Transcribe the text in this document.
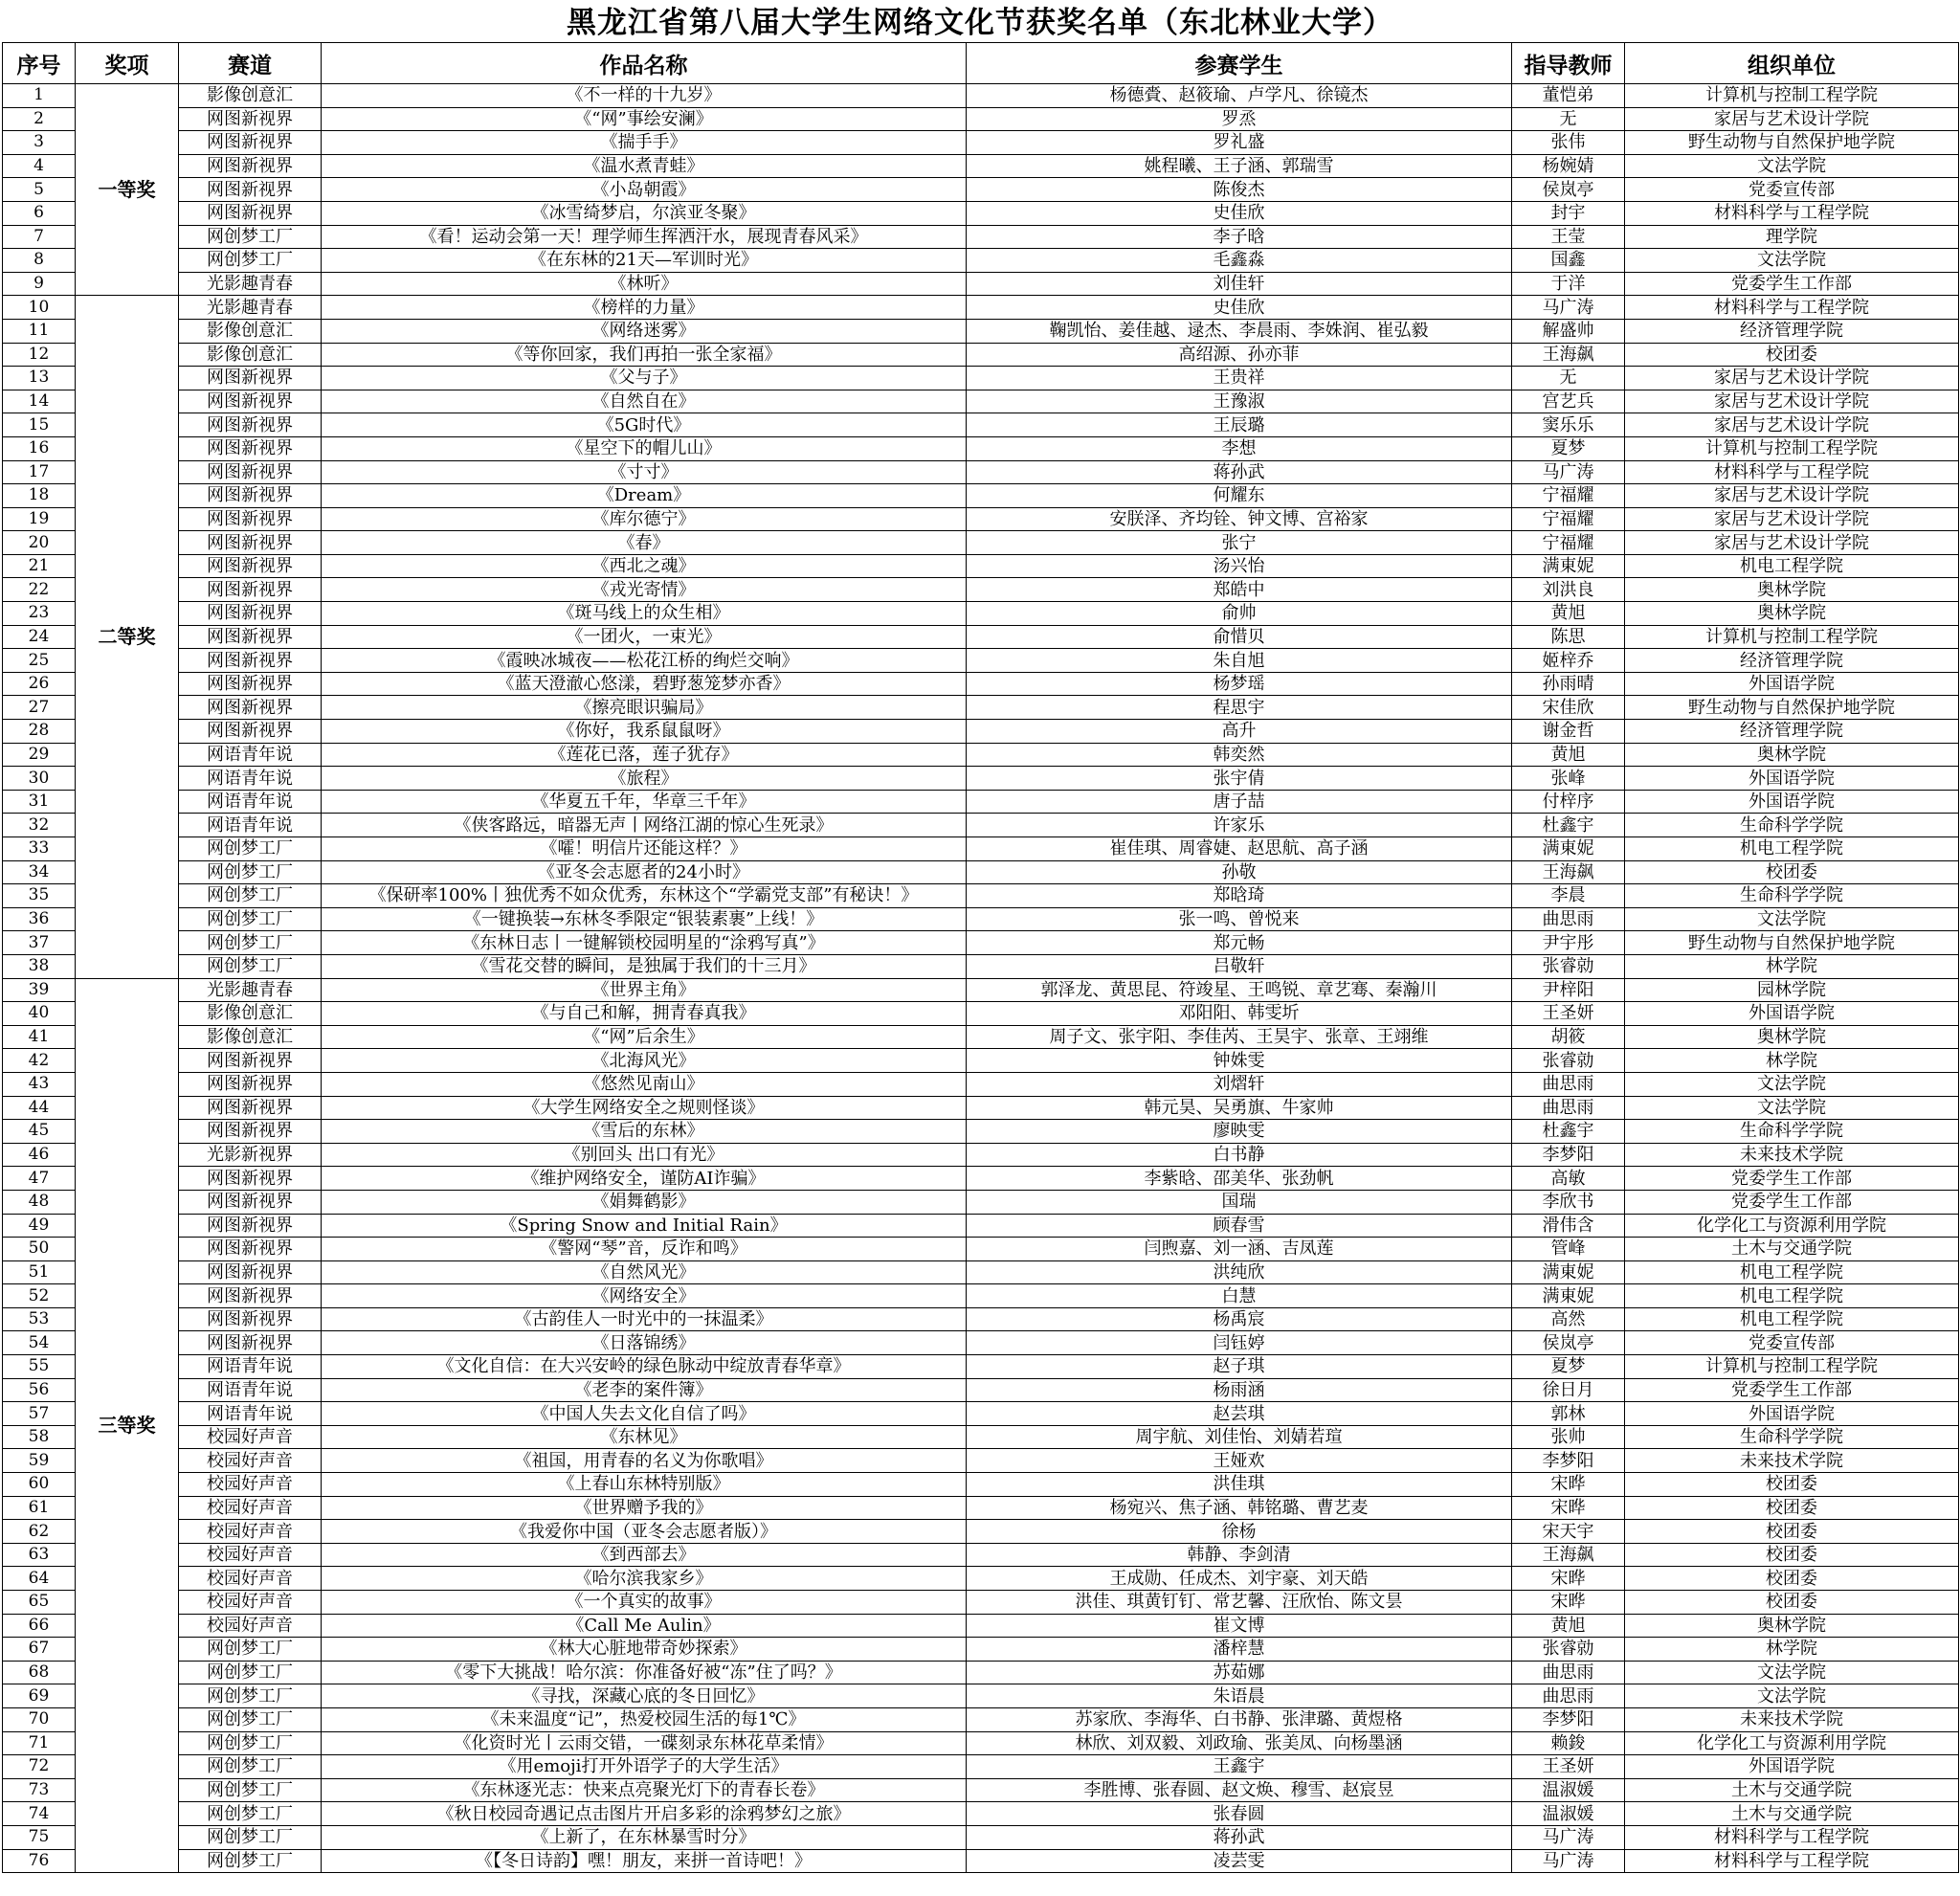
黑龙江省第八届大学生网络文化节获奖名单（东北林业大学）
序号	奖项	赛道	作品名称	参赛学生	指导教师	组织单位
1	一等奖	影像创意汇	《不一样的十九岁》	杨德賫、赵筱瑜、卢学凡、徐镜杰	董恺弟	计算机与控制工程学院
2		网图新视界	《“网”事绘安澜》	罗烝	无	家居与艺术设计学院
3		网图新视界	《揣手手》	罗礼盛	张伟	野生动物与自然保护地学院
4		网图新视界	《温水煮青蛙》	姚程曦、王子涵、郭瑞雪	杨婉婧	文法学院
5		网图新视界	《小岛朝霞》	陈俊杰	侯岚亭	党委宣传部
6		网图新视界	《冰雪绮梦启，尔滨亚冬聚》	史佳欣	封宇	材料科学与工程学院
7		网创梦工厂	《看！运动会第一天！理学师生挥洒汗水，展现青春风采》	李子晗	王莹	理学院
8		网创梦工厂	《在东林的21天—军训时光》	毛鑫淼	国鑫	文法学院
9		光影趣青春	《林听》	刘佳轩	于洋	党委学生工作部
10	二等奖	光影趣青春	《榜样的力量》	史佳欣	马广涛	材料科学与工程学院
11		影像创意汇	《网络迷雾》	鞠凯怡、姜佳越、逯杰、李晨雨、李姝润、崔弘毅	解盛帅	经济管理学院
12		影像创意汇	《等你回家，我们再拍一张全家福》	高绍源、孙亦菲	王海飙	校团委
13		网图新视界	《父与子》	王贵祥	无	家居与艺术设计学院
14		网图新视界	《自然自在》	王豫淑	宫艺兵	家居与艺术设计学院
15		网图新视界	《5G时代》	王辰璐	窦乐乐	家居与艺术设计学院
16		网图新视界	《星空下的帽儿山》	李想	夏梦	计算机与控制工程学院
17		网图新视界	《寸寸》	蒋孙武	马广涛	材料科学与工程学院
18		网图新视界	《Dream》	何耀东	宁福耀	家居与艺术设计学院
19		网图新视界	《库尔德宁》	安朕泽、齐均铨、钟文博、宫裕家	宁福耀	家居与艺术设计学院
20		网图新视界	《春》	张宁	宁福耀	家居与艺术设计学院
21		网图新视界	《西北之魂》	汤兴怡	满東妮	机电工程学院
22		网图新视界	《戎光寄情》	郑皓中	刘洪良	奥林学院
23		网图新视界	《斑马线上的众生相》	俞帅	黄旭	奥林学院
24		网图新视界	《一团火，一束光》	俞惜贝	陈思	计算机与控制工程学院
25		网图新视界	《霞映冰城夜——松花江桥的绚烂交响》	朱自旭	姬梓乔	经济管理学院
26		网图新视界	《蓝天澄澈心悠漾，碧野葱笼梦亦香》	杨梦瑶	孙雨晴	外国语学院
27		网图新视界	《擦亮眼识骗局》	程思宇	宋佳欣	野生动物与自然保护地学院
28		网图新视界	《你好，我系鼠鼠呀》	高升	谢金哲	经济管理学院
29		网语青年说	《莲花已落，莲子犹存》	韩奕然	黄旭	奥林学院
30		网语青年说	《旅程》	张宇倩	张峰	外国语学院
31		网语青年说	《华夏五千年，华章三千年》	唐子喆	付梓序	外国语学院
32		网语青年说	《侠客路远，暗器无声丨网络江湖的惊心生死录》	许家乐	杜鑫宇	生命科学学院
33		网创梦工厂	《嚯！明信片还能这样？》	崔佳琪、周睿婕、赵思航、高子涵	满東妮	机电工程学院
34		网创梦工厂	《亚冬会志愿者的24小时》	孙敬	王海飙	校团委
35		网创梦工厂	《保研率100%丨独优秀不如众优秀，东林这个“学霸党支部”有秘诀！》	郑晗琦	李晨	生命科学学院
36		网创梦工厂	《一键换装→东林冬季限定“银装素裹”上线！》	张一鸣、曾悦来	曲思雨	文法学院
37		网创梦工厂	《东林日志丨一键解锁校园明星的“涂鸦写真”》	郑元畅	尹宇彤	野生动物与自然保护地学院
38		网创梦工厂	《雪花交替的瞬间，是独属于我们的十三月》	吕敬轩	张睿勍	林学院
39	三等奖	光影趣青春	《世界主角》	郭泽龙、黄思昆、符竣星、王鸣锐、章艺骞、秦瀚川	尹梓阳	园林学院
40		影像创意汇	《与自己和解，拥青春真我》	邓阳阳、韩雯圻	王圣妍	外国语学院
41		影像创意汇	《“网”后余生》	周子文、张宇阳、李佳芮、王昊宇、张章、王翊维	胡筱	奥林学院
42		网图新视界	《北海风光》	钟姝雯	张睿勍	林学院
43		网图新视界	《悠然见南山》	刘熠轩	曲思雨	文法学院
44		网图新视界	《大学生网络安全之规则怪谈》	韩元昊、吴勇旗、牛家帅	曲思雨	文法学院
45		网图新视界	《雪后的东林》	廖映雯	杜鑫宇	生命科学学院
46		光影新视界	《别回头 出口有光》	白书静	李梦阳	未来技术学院
47		网图新视界	《维护网络安全，谨防AI诈骗》	李紫晗、邵美华、张劲帆	高敏	党委学生工作部
48		网图新视界	《娟舞鹤影》	国瑞	李欣书	党委学生工作部
49		网图新视界	《Spring Snow and Initial Rain》	顾春雪	滑伟含	化学化工与资源利用学院
50		网图新视界	《警网“琴”音，反诈和鸣》	闫煦嘉、刘一涵、吉凤莲	管峰	土木与交通学院
51		网图新视界	《自然风光》	洪纯欣	满東妮	机电工程学院
52		网图新视界	《网络安全》	白慧	满東妮	机电工程学院
53		网图新视界	《古韵佳人一时光中的一抹温柔》	杨禹宸	高然	机电工程学院
54		网图新视界	《日落锦绣》	闫钰婷	侯岚亭	党委宣传部
55		网语青年说	《文化自信：在大兴安岭的绿色脉动中绽放青春华章》	赵子琪	夏梦	计算机与控制工程学院
56		网语青年说	《老李的案件簿》	杨雨涵	徐日月	党委学生工作部
57		网语青年说	《中国人失去文化自信了吗》	赵芸琪	郭林	外国语学院
58		校园好声音	《东林见》	周宇航、刘佳怡、刘婧若瑄	张帅	生命科学学院
59		校园好声音	《祖国，用青春的名义为你歌唱》	王娅欢	李梦阳	未来技术学院
60		校园好声音	《上春山东林特别版》	洪佳琪	宋晔	校团委
61		校园好声音	《世界赠予我的》	杨宛兴、焦子涵、韩铭璐、曹艺麦	宋晔	校团委
62		校园好声音	《我爱你中国（亚冬会志愿者版）》	徐杨	宋天宇	校团委
63		校园好声音	《到西部去》	韩静、李剑清	王海飙	校团委
64		校园好声音	《哈尔滨我家乡》	王成勋、任成杰、刘宇豪、刘天皓	宋晔	校团委
65		校园好声音	《一个真实的故事》	洪佳、琪黄钉钉、常艺馨、汪欣怡、陈文昙	宋晔	校团委
66		校园好声音	《Call Me Aulin》	崔文博	黄旭	奥林学院
67		网创梦工厂	《林大心脏地带奇妙探索》	潘梓慧	张睿勍	林学院
68		网创梦工厂	《零下大挑战！哈尔滨：你准备好被“冻”住了吗？》	苏茹娜	曲思雨	文法学院
69		网创梦工厂	《寻找，深藏心底的冬日回忆》	朱语晨	曲思雨	文法学院
70		网创梦工厂	《未来温度“记”，热爱校园生活的每1℃》	苏家欣、李海华、白书静、张津璐、黄煜格	李梦阳	未来技术学院
71		网创梦工厂	《化资时光丨云雨交错，一碟刻录东林花草柔情》	林欣、刘双毅、刘政瑜、张美凤、向杨墨涵	赖鋑	化学化工与资源利用学院
72		网创梦工厂	《用emoji打开外语学子的大学生活》	王鑫宇	王圣妍	外国语学院
73		网创梦工厂	《东林逐光志：快来点亮聚光灯下的青春长卷》	李胜博、张春圆、赵文焕、穆雪、赵宸昱	温淑媛	土木与交通学院
74		网创梦工厂	《秋日校园奇遇记点击图片开启多彩的涂鸦梦幻之旅》	张春圆	温淑媛	土木与交通学院
75		网创梦工厂	《上新了，在东林暴雪时分》	蒋孙武	马广涛	材料科学与工程学院
76		网创梦工厂	《【冬日诗韵】嘿！朋友，来拼一首诗吧！》	凌芸雯	马广涛	材料科学与工程学院
